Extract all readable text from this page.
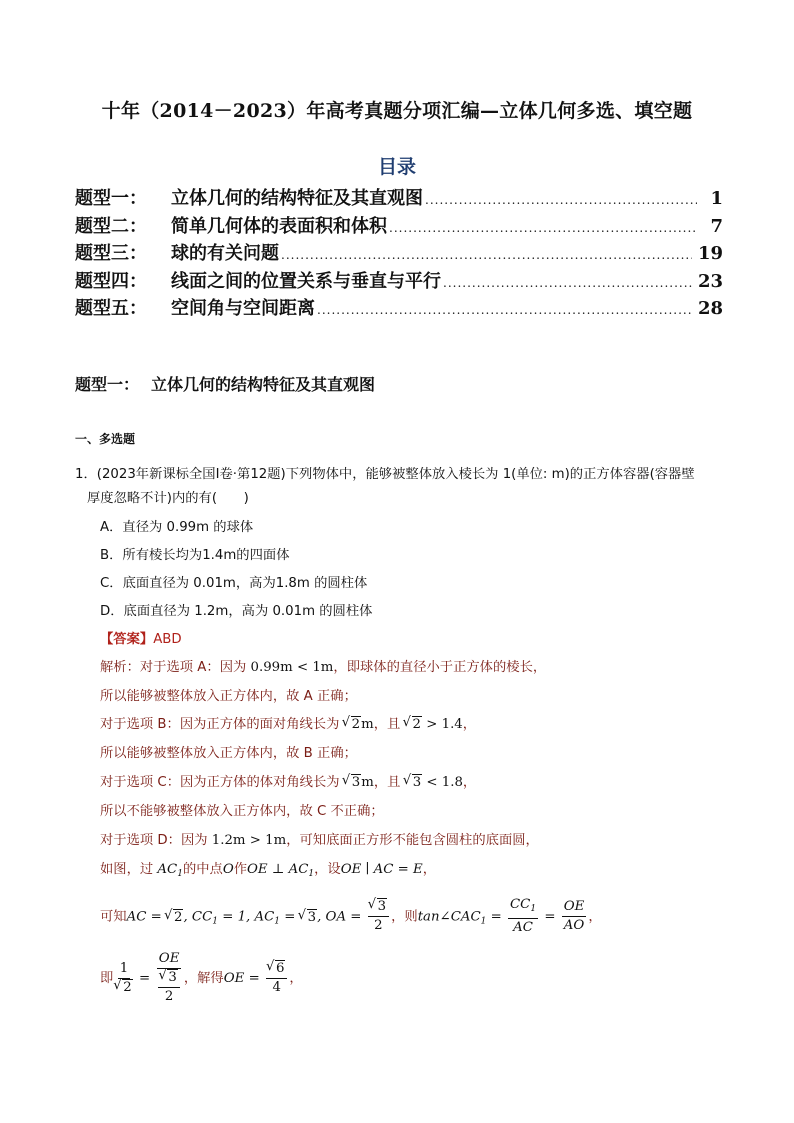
十年（2014－2023）年高考真题分项汇编—立体几何多选、填空题
目录
题型一：	立体几何的结构特征及其直观图 .....	1
题型二：	简单几何体的表面积和体积 .....	7
题型三：	球的有关问题 .....	19
题型四：	线面之间的位置关系与垂直与平行 .....	23
题型五：	空间角与空间距离 .....	28
题型一： 立体几何的结构特征及其直观图
一、多选题
1．(2023年新课标全国Ⅰ卷·第12题)下列物体中，能够被整体放入棱长为 1(单位: m)的正方体容器(容器壁
厚度忽略不计)内的有(　　)
A．直径为 0.99m 的球体
B．所有棱长均为1.4m的四面体
C．底面直径为 0.01m，高为1.8m 的圆柱体
D．底面直径为 1.2m，高为 0.01m 的圆柱体
【答案】ABD
解析：对于选项 A：因为 0.99m < 1m，即球体的直径小于正方体的棱长，
所以能够被整体放入正方体内，故 A 正确；
对于选项 B：因为正方体的面对角线长为 √ 2m，且 √ 2 > 1.4，
所以能够被整体放入正方体内，故 B 正确；
对于选项 C：因为正方体的体对角线长为 √ 3m，且 √ 3 < 1.8，
所以不能够被整体放入正方体内，故 C 不正确；
对于选项 D：因为 1.2m > 1m，可知底面正方形不能包含圆柱的底面圆，
如图，过 $AC_1$的中点O作OE ⊥ $AC_1$，设OE ∣ AC = E，
可知AC = √ 2, $CC_1 = 1$, $AC_1$ = √ 3, OA = √ $\frac{3}{2}$ ，则$\tan\angle CAC_1 = \frac{CC_1}{AC} = \frac{OE}{AO}$ ，
即 1
√ 2 = OE
√ $\frac{3}{2}$ ，解得OE = √ $\frac{6}{4}$ ，
